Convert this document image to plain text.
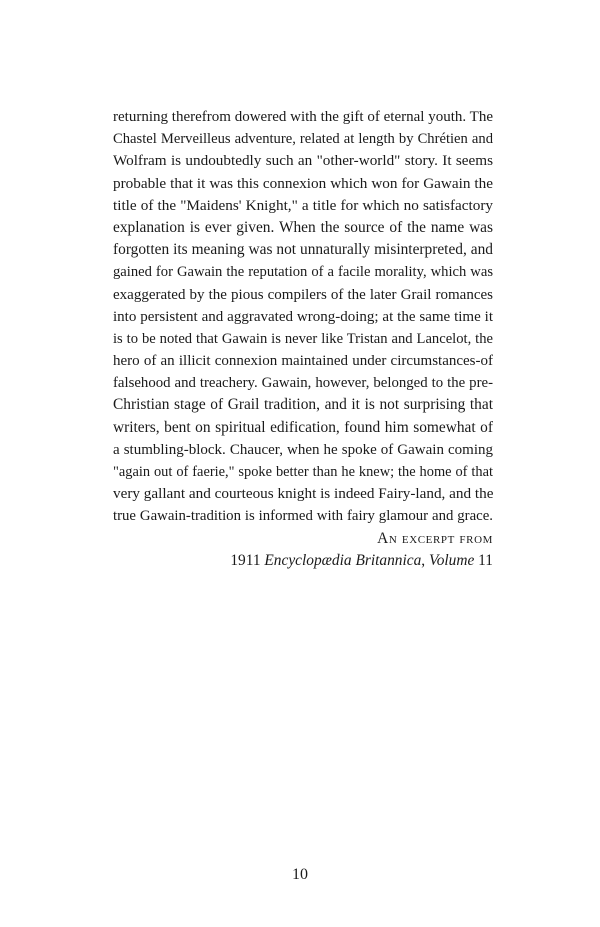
returning therefrom dowered with the gift of eternal youth. The
Chastel Merveilleus adventure, related at length by Chrétien and
Wolfram is undoubtedly such an "other-world" story. It seems
probable that it was this connexion which won for Gawain the
title of the "Maidens' Knight," a title for which no satisfactory
explanation is ever given. When the source of the name was
forgotten its meaning was not unnaturally misinterpreted, and
gained for Gawain the reputation of a facile morality, which was
exaggerated by the pious compilers of the later Grail romances
into persistent and aggravated wrong-doing; at the same time it
is to be noted that Gawain is never like Tristan and Lancelot, the
hero of an illicit connexion maintained under circumstances-of
falsehood and treachery. Gawain, however, belonged to the pre-
Christian stage of Grail tradition, and it is not surprising that
writers, bent on spiritual edification, found him somewhat of
a stumbling-block. Chaucer, when he spoke of Gawain coming
"again out of faerie," spoke better than he knew; the home of that
very gallant and courteous knight is indeed Fairy-land, and the
true Gawain-tradition is informed with fairy glamour and grace.
An excerpt from
1911 Encyclopædia Britannica, Volume 11
10
